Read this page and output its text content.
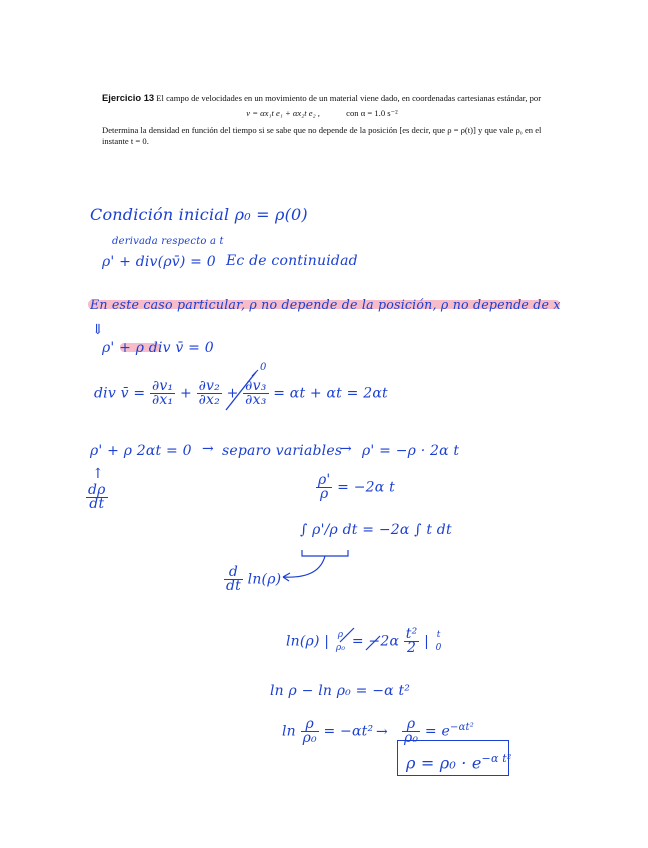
Ejercicio 13 El campo de velocidades en un movimiento de un material viene dado, en coordenadas cartesianas estándar, por

v = αx₁t e₁ + αx₂t e₂ ,	con α = 1.0 s⁻²

Determina la densidad en función del tiempo si se sabe que no depende de la posición [es decir, que ρ = ρ(t)] y que vale ρ₀ en el instante t = 0.

Condición inicial ρ₀ = ρ(0)
derivada respecto a t
ρ' + div(ρv̄) = 0 Ec de continuidad
En este caso particular, ρ no depende de la posición, ρ no depende de x
⇓
ρ' + ρ div v̄ = 0
div v̄ = $\frac{\text{∂v₁}}{\text{∂x₁}} + \frac{\text{∂v₂}}{\text{∂x₂}} + \frac{\text{∂v₃}}{\text{∂x₃}} = \alpha t + \alpha t = 2\alpha t$
0
ρ' + ρ 2αt = 0 → separo variables
→ ρ' = −ρ · 2α t
↑
$\frac{d\rho}{dt}$	$\frac{\rho'}{\rho} = -2\alpha$ t
∫ ρ'/ρ dt = −2α ∫ t dt
$\frac{d}{dt} \ln(\rho)$
ln(ρ) | ρ
$\rho_0 = -2\alpha \frac{\text{t²}}{2}$ | t
0
ln ρ − ln ρ₀ = −α t²
$\ln \frac{\rho}{\text{ρ₀}} = -\alpha t^2 \to \frac{\rho}{\text{ρ₀}} = e^{-\alpha t^2}$
$\rho = \rho_0 \cdot e^{-\alpha t^2}$
